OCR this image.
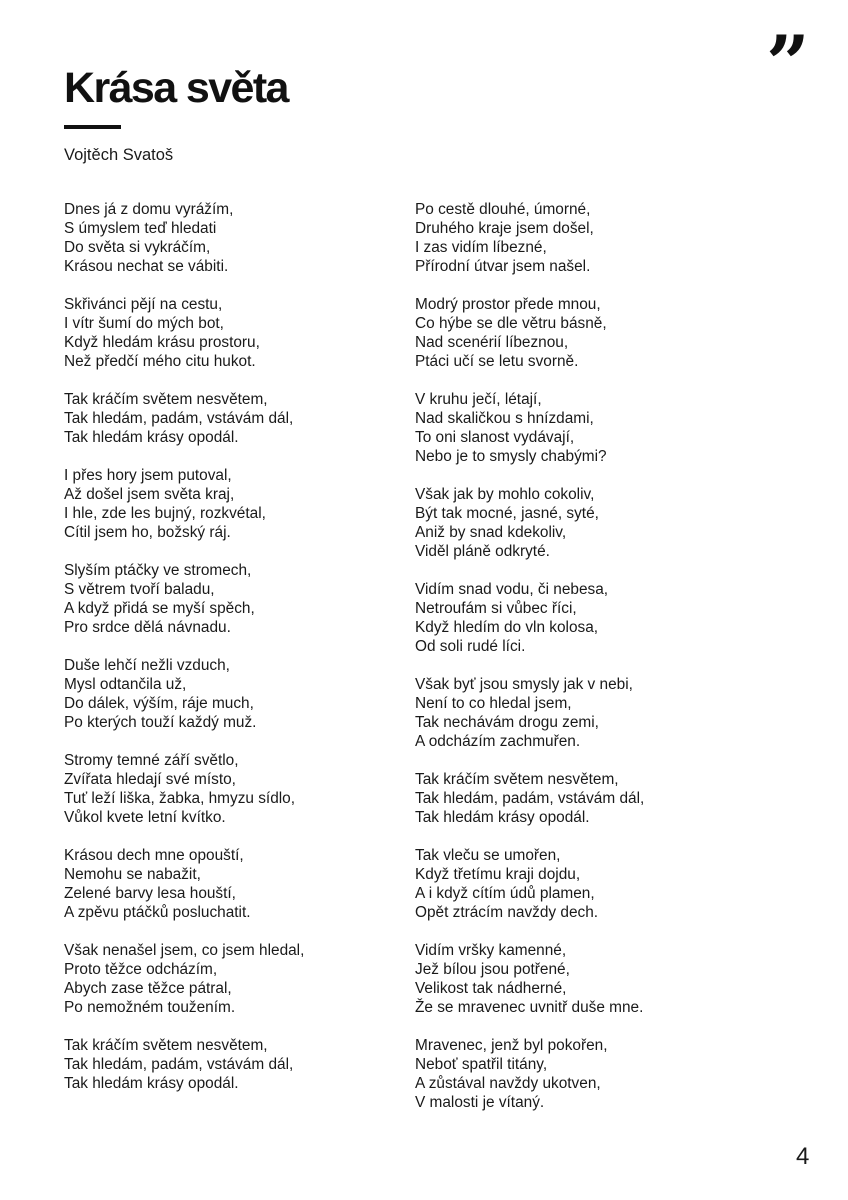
Krása světa	”
Vojtěch Svatoš
Dnes já z domu vyrážím,
S úmyslem teď hledati
Do světa si vykráčím,
Krásou nechat se vábiti.
Skřivánci pějí na cestu,
I vítr šumí do mých bot,
Když hledám krásu prostoru,
Než předčí mého citu hukot.
Tak kráčím světem nesvětem,
Tak hledám, padám, vstávám dál,
Tak hledám krásy opodál.
I přes hory jsem putoval,
Až došel jsem světa kraj,
I hle, zde les bujný, rozkvétal,
Cítil jsem ho, božský ráj.
Slyším ptáčky ve stromech,
S větrem tvoří baladu,
A když přidá se myší spěch,
Pro srdce dělá návnadu.
Duše lehčí nežli vzduch,
Mysl odtančila už,
Do dálek, výším, ráje much,
Po kterých touží každý muž.
Stromy temné září světlo,
Zvířata hledají své místo,
Tuť leží liška, žabka, hmyzu sídlo,
Vůkol kvete letní kvítko.
Krásou dech mne opouští,
Nemohu se nabažit,
Zelené barvy lesa houští,
A zpěvu ptáčků posluchatit.
Však nenašel jsem, co jsem hledal,
Proto těžce odcházím,
Abych zase těžce pátral,
Po nemožném toužením.
Tak kráčím světem nesvětem,
Tak hledám, padám, vstávám dál,
Tak hledám krásy opodál.
Po cestě dlouhé, úmorné,
Druhého kraje jsem došel,
I zas vidím líbezné,
Přírodní útvar jsem našel.
Modrý prostor přede mnou,
Co hýbe se dle větru básně,
Nad scenérií líbeznou,
Ptáci učí se letu svorně.
V kruhu ječí, létají,
Nad skaličkou s hnízdami,
To oni slanost vydávají,
Nebo je to smysly chabými?
Však jak by mohlo cokoliv,
Být tak mocné, jasné, syté,
Aniž by snad kdekoliv,
Viděl pláně odkryté.
Vidím snad vodu, či nebesa,
Netroufám si vůbec říci,
Když hledím do vln kolosa,
Od soli rudé líci.
Však byť jsou smysly jak v nebi,
Není to co hledal jsem,
Tak nechávám drogu zemi,
A odcházím zachmuřen.
Tak kráčím světem nesvětem,
Tak hledám, padám, vstávám dál,
Tak hledám krásy opodál.
Tak vleču se umořen,
Když třetímu kraji dojdu,
A i když cítím údů plamen,
Opět ztrácím navždy dech.
Vidím vršky kamenné,
Jež bílou jsou potřené,
Velikost tak nádherné,
Že se mravenec uvnitř duše mne.
Mravenec, jenž byl pokořen,
Neboť spatřil titány,
A zůstával navždy ukotven,
V malosti je vítaný.
4
